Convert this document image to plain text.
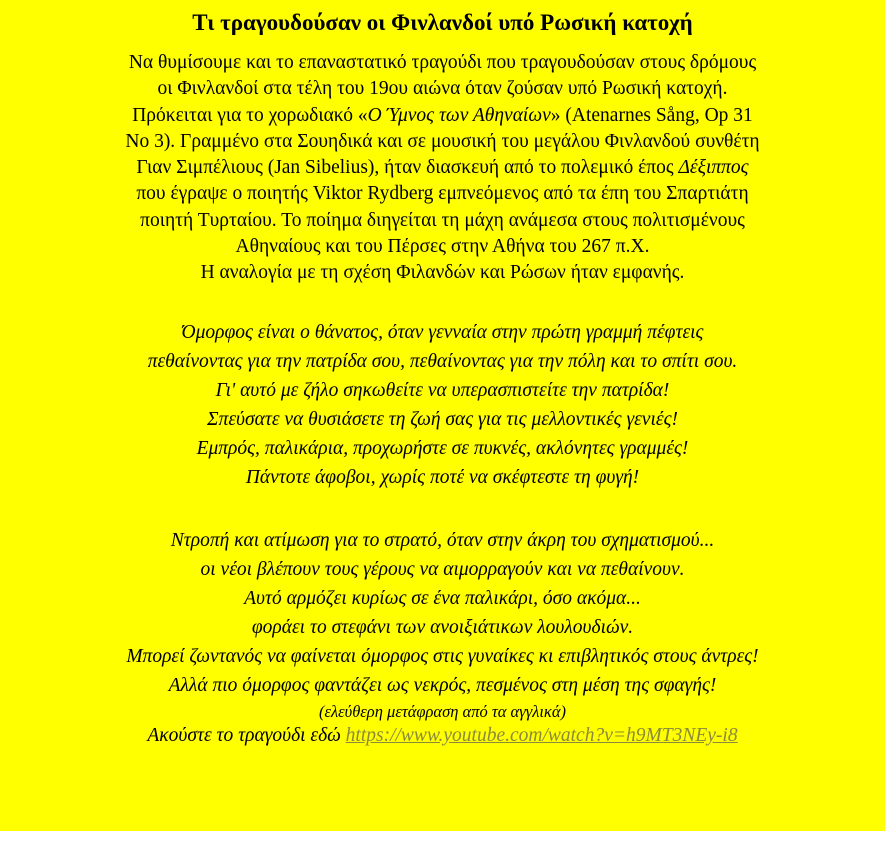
Τι τραγουδούσαν οι Φινλανδοί υπό Ρωσική κατοχή
Να θυμίσουμε και το επαναστατικό τραγούδι που τραγουδούσαν στους δρόμους
οι Φινλανδοί στα τέλη του 19ου αιώνα όταν ζούσαν υπό Ρωσική κατοχή.
Πρόκειται για το χορωδιακό «Ο Ύμνος των Αθηναίων» (Atenarnes Sång, Op 31
No 3). Γραμμένο στα Σουηδικά και σε μουσική του μεγάλου Φινλανδού συνθέτη
Γιαν Σιμπέλιους (Jan Sibelius), ήταν διασκευή από το πολεμικό έπος Δέξιππος
που έγραψε ο ποιητής Viktor Rydberg εμπνεόμενος από τα έπη του Σπαρτιάτη
ποιητή Τυρταίου. Το ποίημα διηγείται τη μάχη ανάμεσα στους πολιτισμένους
Αθηναίους και του Πέρσες στην Αθήνα του 267 π.Χ.
Η αναλογία με τη σχέση Φιλανδών και Ρώσων ήταν εμφανής.
Όμορφος είναι ο θάνατος, όταν γενναία στην πρώτη γραμμή πέφτεις
πεθαίνοντας για την πατρίδα σου, πεθαίνοντας για την πόλη και το σπίτι σου.
Γι' αυτό με ζήλο σηκωθείτε να υπερασπιστείτε την πατρίδα!
Σπεύσατε να θυσιάσετε τη ζωή σας για τις μελλοντικές γενιές!
Εμπρός, παλικάρια, προχωρήστε σε πυκνές, ακλόνητες γραμμές!
Πάντοτε άφοβοι, χωρίς ποτέ να σκέφτεστε τη φυγή!
Ντροπή και ατίμωση για το στρατό, όταν στην άκρη του σχηματισμού...
οι νέοι βλέπουν τους γέρους να αιμορραγούν και να πεθαίνουν.
Αυτό αρμόζει κυρίως σε ένα παλικάρι, όσο ακόμα...
φοράει το στεφάνι των ανοιξιάτικων λουλουδιών.
Μπορεί ζωντανός να φαίνεται όμορφος στις γυναίκες κι επιβλητικός στους άντρες!
Αλλά πιο όμορφος φαντάζει ως νεκρός, πεσμένος στη μέση της σφαγής!
(ελεύθερη μετάφραση από τα αγγλικά)
Ακούστε το τραγούδι εδώ https://www.youtube.com/watch?v=h9MT3NEy-i8
